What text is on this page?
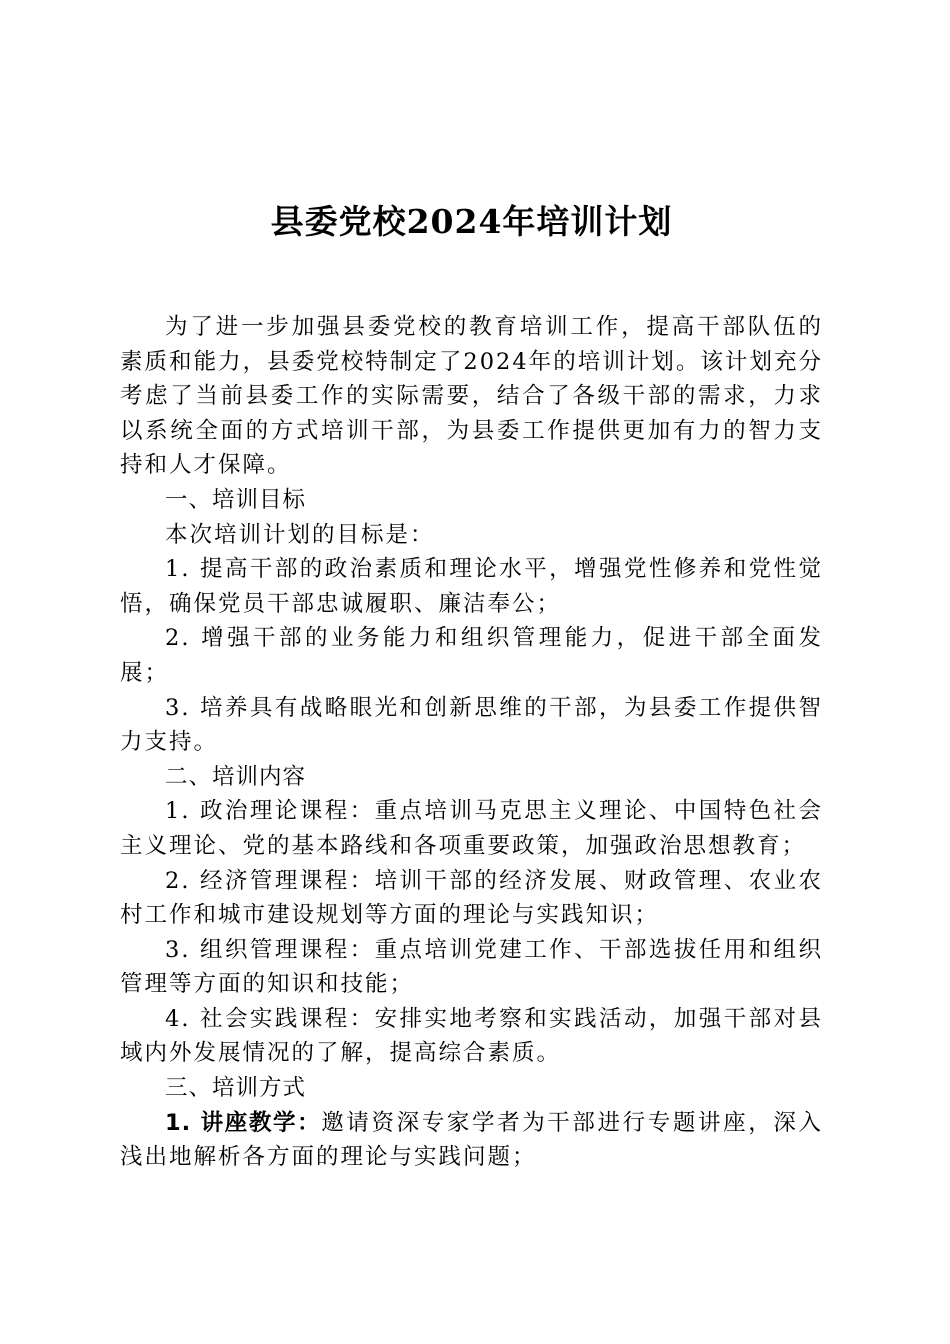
县委党校2024年培训计划

为了进一步加强县委党校的教育培训工作，提高干部队伍的素质和能力，县委党校特制定了2024年的培训计划。该计划充分考虑了当前县委工作的实际需要，结合了各级干部的需求，力求以系统全面的方式培训干部，为县委工作提供更加有力的智力支持和人才保障。

一、培训目标

本次培训计划的目标是：

1. 提高干部的政治素质和理论水平，增强党性修养和党性觉悟，确保党员干部忠诚履职、廉洁奉公；

2. 增强干部的业务能力和组织管理能力，促进干部全面发展；

3. 培养具有战略眼光和创新思维的干部，为县委工作提供智力支持。

二、培训内容

1. 政治理论课程：重点培训马克思主义理论、中国特色社会主义理论、党的基本路线和各项重要政策，加强政治思想教育；

2. 经济管理课程：培训干部的经济发展、财政管理、农业农村工作和城市建设规划等方面的理论与实践知识；

3. 组织管理课程：重点培训党建工作、干部选拔任用和组织管理等方面的知识和技能；

4. 社会实践课程：安排实地考察和实践活动，加强干部对县域内外发展情况的了解，提高综合素质。

三、培训方式

1. 讲座教学：邀请资深专家学者为干部进行专题讲座，深入浅出地解析各方面的理论与实践问题；
